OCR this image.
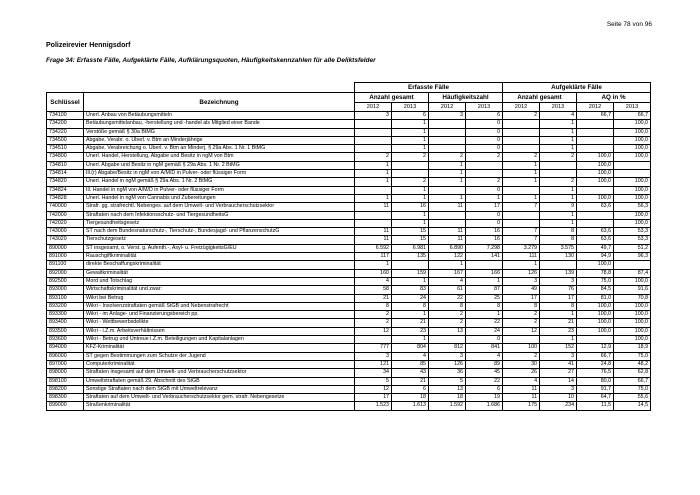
Seite 78 von 96
Polizeirevier Hennigsdorf
Frage 34: Erfasste Fälle, Aufgeklärte Fälle, Aufklärungsquoten, Häufigkeitskennzahlen für alle Deliktsfelder
		Erfasste Fälle				Aufgeklärte Fälle			
Schlüssel	Bezeichnung	Anzahl gesamt		Häufigkeitszahl		Anzahl gesamt		AQ in %	
		2012	2013	2012	2013	2012	2013	2012	2013
734100	Unerl. Anbau von Betäubungsmitteln	3	6	3	6	2	4	66,7	66,7
734200	Betäubungsmittelanbau, -herstellung und -handel als Mitglied einer Bande		1		0		1		100,0
734220	Verstöße gemäß § 30a BtMG		1		0		1		100,0
734500	Abgabe, Verabr. o. Überl. v. Btm an Minderjährige		1		0		1		100,0
734510	Abgabe, Verabreichung o. Überl. v. Btm an Minderj. § 29a Abs. 1 Nr. 1 BtMG		1		0		1		100,0
734800	Unerl. Handel, Herstellung, Abgabe und Besitz in ngM von Btm	2	2	2	2	2	2	100,0	100,0
734810	Unerl. Abgabe und Besitz in ngM gemäß § 29a Abs. 1 Nr. 2 BtMG	1		1		1		100,0	
734814	Ill.(r) Abgabe/Besitz in ngM von A/M/D in Pulver- oder flüssiger Form	1		1		1		100,0	
734820	Unerl. Handel in ngM gemäß § 29a Abs. 1 Nr. 2 BtMG	1	2	1	2	1	2	100,0	100,0
734824	Ill. Handel in ngM von A/M/D in Pulver- oder flüssiger Form		1		0		1		100,0
734828	Unerl. Handel in ngM von Cannabis und Zubereitungen	1	1	1	1	1	1	100,0	100,0
740000	Strafr. gg. strafrechtl. Nebenges. auf dem Umwelt- und Verbraucherschutzsektor	11	16	11	17	7	9	63,6	56,3
742000	Straftaten nach dem Infektionsschutz- und TiergesundheitsG		1		0		1		100,0
742020	Tiergesundheitsgesetz		1		0		1		100,0
743000	ST nach dem Bundesnaturschutz-, Tierschutz-, Bundesjagd- und PflanzenschutzG	11	15	11	16	7	8	63,6	53,3
743020	Tierschutzgesetz	11	15	11	16	7	8	63,6	53,3
890000	ST insgesamt, o. Verst. g. Aufenth.-, Asyl- u. FreizügigkeitsG/EU	6.592	6.981	6.890	7.298	3.279	3.575	49,7	51,2
891000	Rauschgiftkriminalität	117	135	122	141	111	130	94,9	96,3
891100	direkte Beschaffungskriminalität	1		1		1		100,0	
892000	Gewaltkriminalität	160	159	167	166	126	139	78,8	87,4
892500	Mord und Totschlag	4	1	4	1	3	3	75,0	100,0
893000	Wirtschaftskriminalität und zwar:	58	83	61	87	49	76	84,5	91,6
893100	Wikri bei Betrug	21	24	22	25	17	17	81,0	70,8
893200	Wikri - Insolvenzstraftaten gemäß StGB und Nebenstrafrecht	8	8	8	8	8	8	100,0	100,0
893300	Wikri - im Anlage- und Finanzierungsbereich pp.	2	1	2	1	2	1	100,0	100,0
893400	Wikri - Wettbewerbsdelikte	2	21	2	22	2	21	100,0	100,0
893500	Wikri - i.Z.m. Arbeitsverhältnissen	12	23	13	24	12	23	100,0	100,0
893600	Wikri - Betrug und Untreue i.Z.m. Beteiligungen und Kapitalanlagen		1		0		1		100,0
894000	KFZ-Kriminalität	777	804	812	841	100	152	12,9	18,9
896000	ST gegen Bestimmungen zum Schutze der Jugend	3	4	3	4	2	3	66,7	75,0
897000	Computerkriminalität	121	85	126	89	30	41	24,8	48,2
898000	Straftaten insgesamt auf dem Umwelt- und Verbraucherschutzsektor	34	43	36	45	26	27	76,5	62,8
898100	Umweltstraftaten gemäß 29. Abschnitt des StGB	5	21	5	22	4	14	80,0	66,7
898200	Sonstige Straftaten nach dem StGB mit Umweltrelevanz	12	6	13	6	11	3	91,7	75,0
898300	Straftaten auf dem Umwelt- und Verbraucherschutzsektor gem. strafr. Nebengesetze	17	18	18	19	11	10	64,7	55,6
899000	Straßenkriminalität	1.523	1.613	1.592	1.686	175	234	11,5	14,5
